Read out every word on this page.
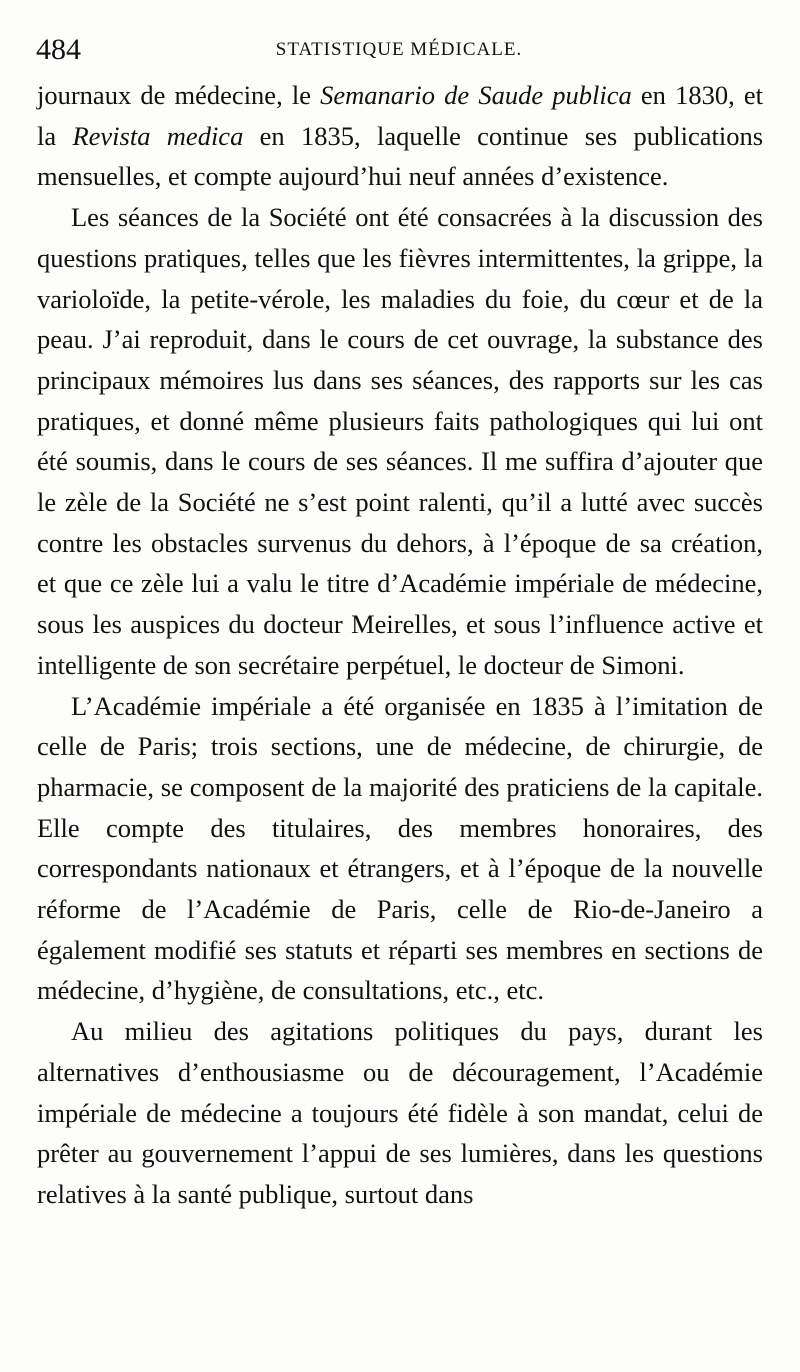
484	STATISTIQUE MÉDICALE.

journaux de médecine, le Semanario de Saude publica en 1830, et la Revista medica en 1835, laquelle continue ses publications mensuelles, et compte aujourd’hui neuf années d’existence.

Les séances de la Société ont été consacrées à la discussion des questions pratiques, telles que les fièvres intermittentes, la grippe, la varioloïde, la petite-vérole, les maladies du foie, du cœur et de la peau. J’ai reproduit, dans le cours de cet ouvrage, la substance des principaux mémoires lus dans ses séances, des rapports sur les cas pratiques, et donné même plusieurs faits pathologiques qui lui ont été soumis, dans le cours de ses séances. Il me suffira d’ajouter que le zèle de la Société ne s’est point ralenti, qu’il a lutté avec succès contre les obstacles survenus du dehors, à l’époque de sa création, et que ce zèle lui a valu le titre d’Académie impériale de médecine, sous les auspices du docteur Meirelles, et sous l’influence active et intelligente de son secrétaire perpétuel, le docteur de Simoni.

L’Académie impériale a été organisée en 1835 à l’imitation de celle de Paris; trois sections, une de médecine, de chirurgie, de pharmacie, se composent de la majorité des praticiens de la capitale. Elle compte des titulaires, des membres honoraires, des correspondants nationaux et étrangers, et à l’époque de la nouvelle réforme de l’Académie de Paris, celle de Rio-de-Janeiro a également modifié ses statuts et réparti ses membres en sections de médecine, d’hygiène, de consultations, etc., etc.

Au milieu des agitations politiques du pays, durant les alternatives d’enthousiasme ou de découragement, l’Académie impériale de médecine a toujours été fidèle à son mandat, celui de prêter au gouvernement l’appui de ses lumières, dans les questions relatives à la santé publique, surtout dans
